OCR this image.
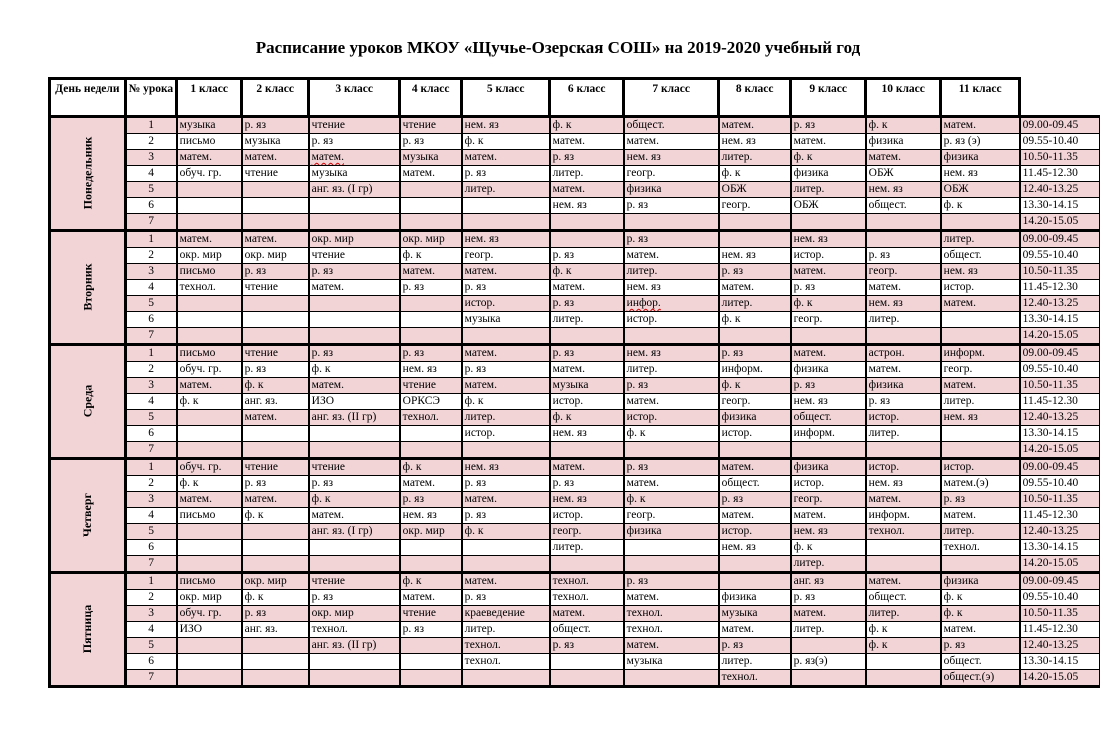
Расписание уроков МКОУ «Щучье-Озерская СОШ» на 2019-2020 учебный год
День недели	№ урока	1 класс	2 класс	3 класс	4 класс	5 класс	6 класс	7 класс	8 класс	9 класс	10 класс	11 класс	
Понедельник	1	музыка	р. яз	чтение	чтение	нем. яз	ф. к	общест.	матем.	р. яз	ф. к	матем.	09.00-09.45
	2	письмо	музыка	р. яз	р. яз	ф. к	матем.	матем.	нем. яз	матем.	физика	р. яз (э)	09.55-10.40
	3	матем.	матем.	матем.	музыка	матем.	р. яз	нем. яз	литер.	ф. к	матем.	физика	10.50-11.35
	4	обуч. гр.	чтение	музыка	матем.	р. яз	литер.	геогр.	ф. к	физика	ОБЖ	нем. яз	11.45-12.30
	5			анг. яз. (I гр)		литер.	матем.	физика	ОБЖ	литер.	нем. яз	ОБЖ	12.40-13.25
	6						нем. яз	р. яз	геогр.	ОБЖ	общест.	ф. к	13.30-14.15
	7												14.20-15.05
Вторник	1	матем.	матем.	окр. мир	окр. мир	нем. яз		р. яз		нем. яз		литер.	09.00-09.45
	2	окр. мир	окр. мир	чтение	ф. к	геогр.	р. яз	матем.	нем. яз	истор.	р. яз	общест.	09.55-10.40
	3	письмо	р. яз	р. яз	матем.	матем.	ф. к	литер.	р. яз	матем.	геогр.	нем. яз	10.50-11.35
	4	технол.	чтение	матем.	р. яз	р. яз	матем.	нем. яз	матем.	р. яз	матем.	истор.	11.45-12.30
	5					истор.	р. яз	инфор.	литер.	ф. к	нем. яз	матем.	12.40-13.25
	6					музыка	литер.	истор.	ф. к	геогр.	литер.		13.30-14.15
	7												14.20-15.05
Среда	1	письмо	чтение	р. яз	р. яз	матем.	р. яз	нем. яз	р. яз	матем.	астрон.	информ.	09.00-09.45
	2	обуч. гр.	р. яз	ф. к	нем. яз	р. яз	матем.	литер.	информ.	физика	матем.	геогр.	09.55-10.40
	3	матем.	ф. к	матем.	чтение	матем.	музыка	р. яз	ф. к	р. яз	физика	матем.	10.50-11.35
	4	ф. к	анг. яз.	ИЗО	ОРКСЭ	ф. к	истор.	матем.	геогр.	нем. яз	р. яз	литер.	11.45-12.30
	5		матем.	анг. яз. (II гр)	технол.	литер.	ф. к	истор.	физика	общест.	истор.	нем. яз	12.40-13.25
	6					истор.	нем. яз	ф. к	истор.	информ.	литер.		13.30-14.15
	7												14.20-15.05
Четверг	1	обуч. гр.	чтение	чтение	ф. к	нем. яз	матем.	р. яз	матем.	физика	истор.	истор.	09.00-09.45
	2	ф. к	р. яз	р. яз	матем.	р. яз	р. яз	матем.	общест.	истор.	нем. яз	матем.(э)	09.55-10.40
	3	матем.	матем.	ф. к	р. яз	матем.	нем. яз	ф. к	р. яз	геогр.	матем.	р. яз	10.50-11.35
	4	письмо	ф. к	матем.	нем. яз	р. яз	истор.	геогр.	матем.	матем.	информ.	матем.	11.45-12.30
	5			анг. яз. (I гр)	окр. мир	ф. к	геогр.	физика	истор.	нем. яз	технол.	литер.	12.40-13.25
	6						литер.		нем. яз	ф. к		технол.	13.30-14.15
	7									литер.			14.20-15.05
Пятница	1	письмо	окр. мир	чтение	ф. к	матем.	технол.	р. яз		анг. яз	матем.	физика	09.00-09.45
	2	окр. мир	ф. к	р. яз	матем.	р. яз	технол.	матем.	физика	р. яз	общест.	ф. к	09.55-10.40
	3	обуч. гр.	р. яз	окр. мир	чтение	краеведение	матем.	технол.	музыка	матем.	литер.	ф. к	10.50-11.35
	4	ИЗО	анг. яз.	технол.	р. яз	литер.	общест.	технол.	матем.	литер.	ф. к	матем.	11.45-12.30
	5			анг. яз. (II гр)		технол.	р. яз	матем.	р. яз		ф. к	р. яз	12.40-13.25
	6					технол.		музыка	литер.	р. яз(э)		общест.	13.30-14.15
	7								технол.			общест.(э)	14.20-15.05
